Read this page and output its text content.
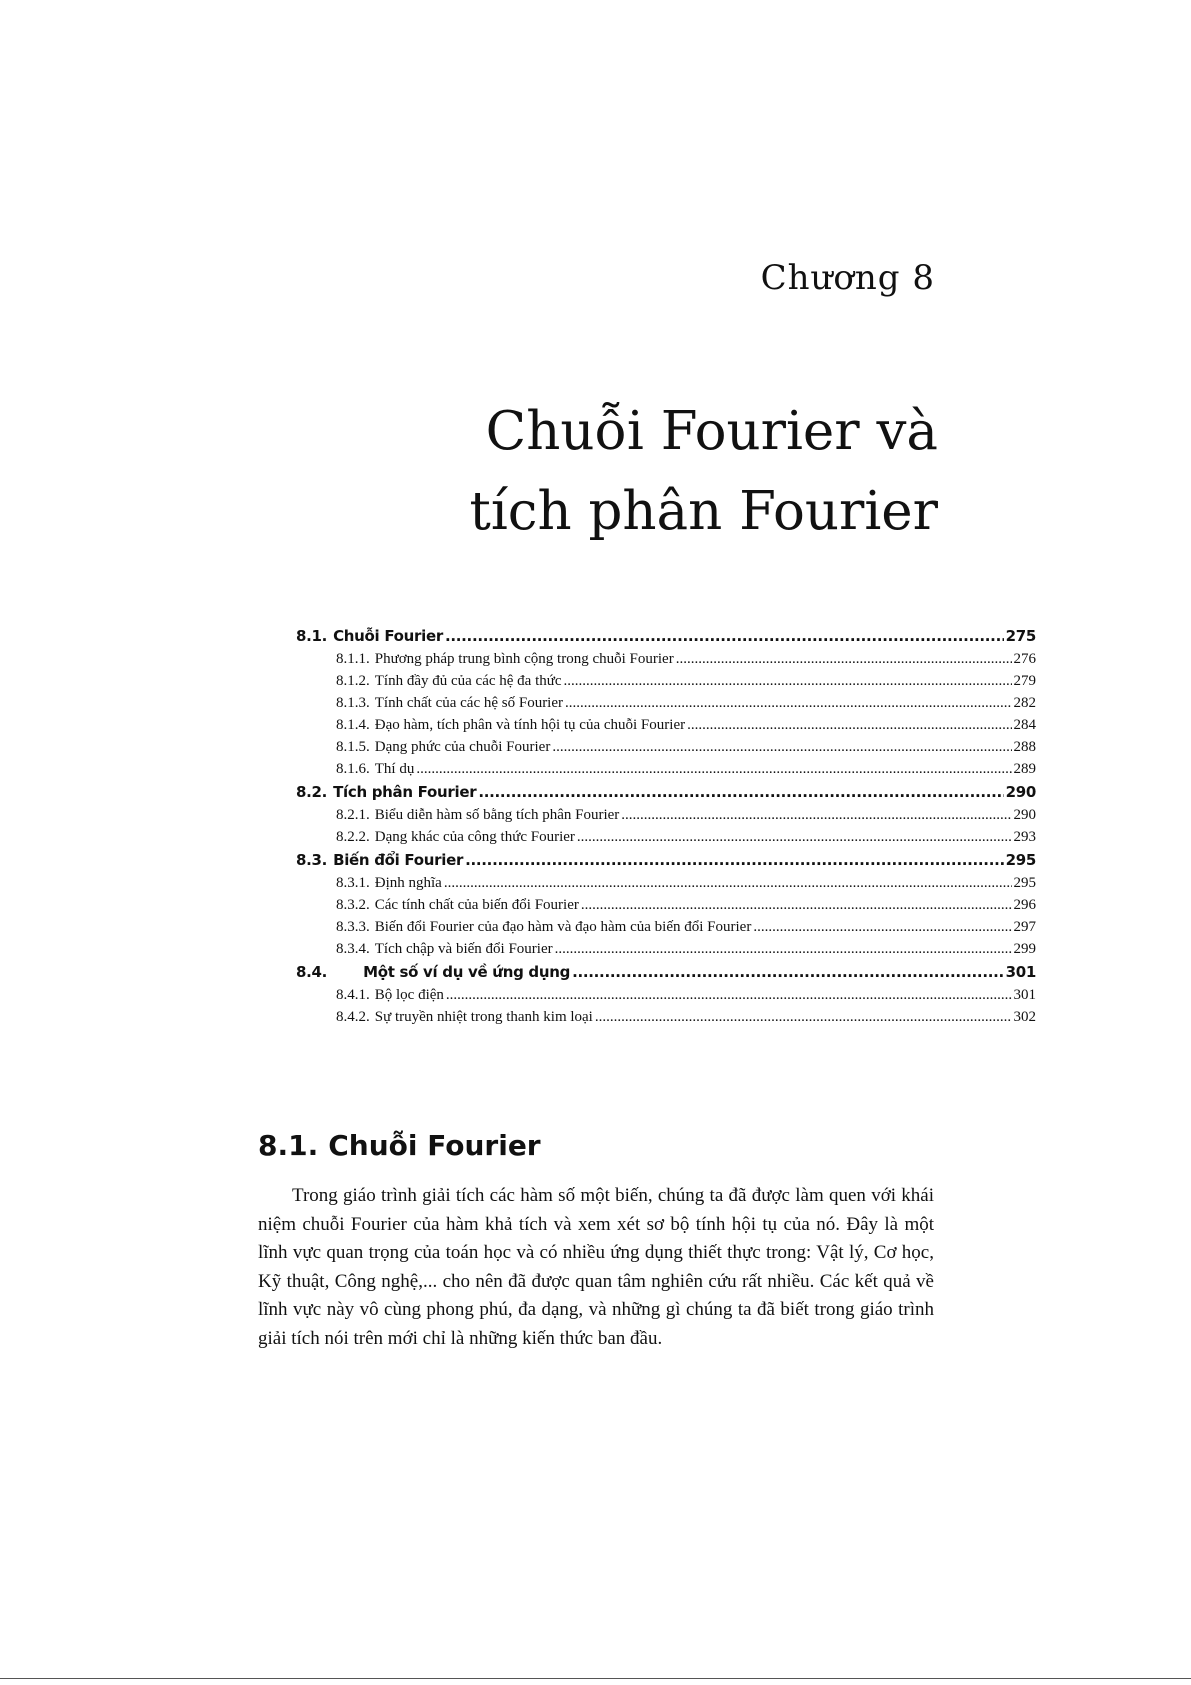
Chương 8
Chuỗi Fourier và
tích phân Fourier
8.1. Chuỗi Fourier .....	275
8.1.1. Phương pháp trung bình cộng trong chuỗi Fourier .....	276
8.1.2. Tính đầy đủ của các hệ đa thức .....	279
8.1.3. Tính chất của các hệ số Fourier .....	282
8.1.4. Đạo hàm, tích phân và tính hội tụ của chuỗi Fourier .....	284
8.1.5. Dạng phức của chuỗi Fourier .....	288
8.1.6. Thí dụ .....	289
8.2. Tích phân Fourier .....	290
8.2.1. Biểu diễn hàm số bằng tích phân Fourier .....	290
8.2.2. Dạng khác của công thức Fourier .....	293
8.3. Biến đổi Fourier .....	295
8.3.1. Định nghĩa .....	295
8.3.2. Các tính chất của biến đổi Fourier .....	296
8.3.3. Biến đổi Fourier của đạo hàm và đạo hàm của biến đổi Fourier .....	297
8.3.4. Tích chập và biến đổi Fourier .....	299
8.4. Một số ví dụ về ứng dụng .....	301
8.4.1. Bộ lọc điện .....	301
8.4.2. Sự truyền nhiệt trong thanh kim loại .....	302
8.1. Chuỗi Fourier

Trong giáo trình giải tích các hàm số một biến, chúng ta đã được làm quen với khái niệm chuỗi Fourier của hàm khả tích và xem xét sơ bộ tính hội tụ của nó. Đây là một lĩnh vực quan trọng của toán học và có nhiều ứng dụng thiết thực trong: Vật lý, Cơ học, Kỹ thuật, Công nghệ,... cho nên đã được quan tâm nghiên cứu rất nhiều. Các kết quả về lĩnh vực này vô cùng phong phú, đa dạng, và những gì chúng ta đã biết trong giáo trình giải tích nói trên mới chỉ là những kiến thức ban đầu.
